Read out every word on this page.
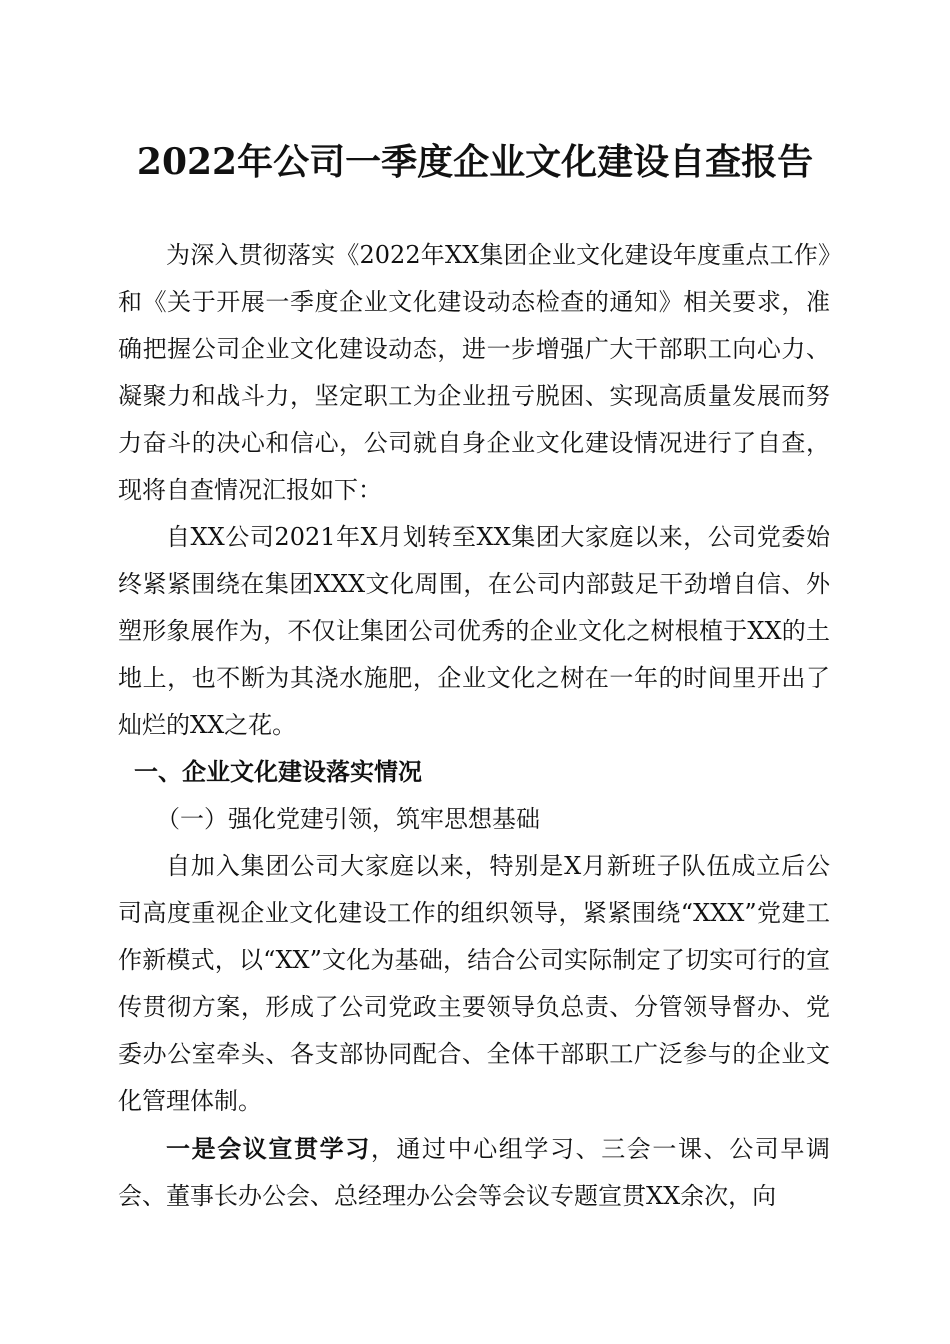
2022年公司一季度企业文化建设自查报告

为深入贯彻落实《2022年XX集团企业文化建设年度重点工作》和《关于开展一季度企业文化建设动态检查的通知》相关要求，准确把握公司企业文化建设动态，进一步增强广大干部职工向心力、凝聚力和战斗力，坚定职工为企业扭亏脱困、实现高质量发展而努力奋斗的决心和信心，公司就自身企业文化建设情况进行了自查，现将自查情况汇报如下：

自XX公司2021年X月划转至XX集团大家庭以来，公司党委始终紧紧围绕在集团XXX文化周围，在公司内部鼓足干劲增自信、外塑形象展作为，不仅让集团公司优秀的企业文化之树根植于XX的土地上，也不断为其浇水施肥，企业文化之树在一年的时间里开出了灿烂的XX之花。

一、企业文化建设落实情况

（一）强化党建引领，筑牢思想基础

自加入集团公司大家庭以来，特别是X月新班子队伍成立后公司高度重视企业文化建设工作的组织领导，紧紧围绕“XXX”党建工作新模式，以“XX”文化为基础，结合公司实际制定了切实可行的宣传贯彻方案，形成了公司党政主要领导负总责、分管领导督办、党委办公室牵头、各支部协同配合、全体干部职工广泛参与的企业文化管理体制。

一是会议宣贯学习，通过中心组学习、三会一课、公司早调会、董事长办公会、总经理办公会等会议专题宣贯XX余次，向
